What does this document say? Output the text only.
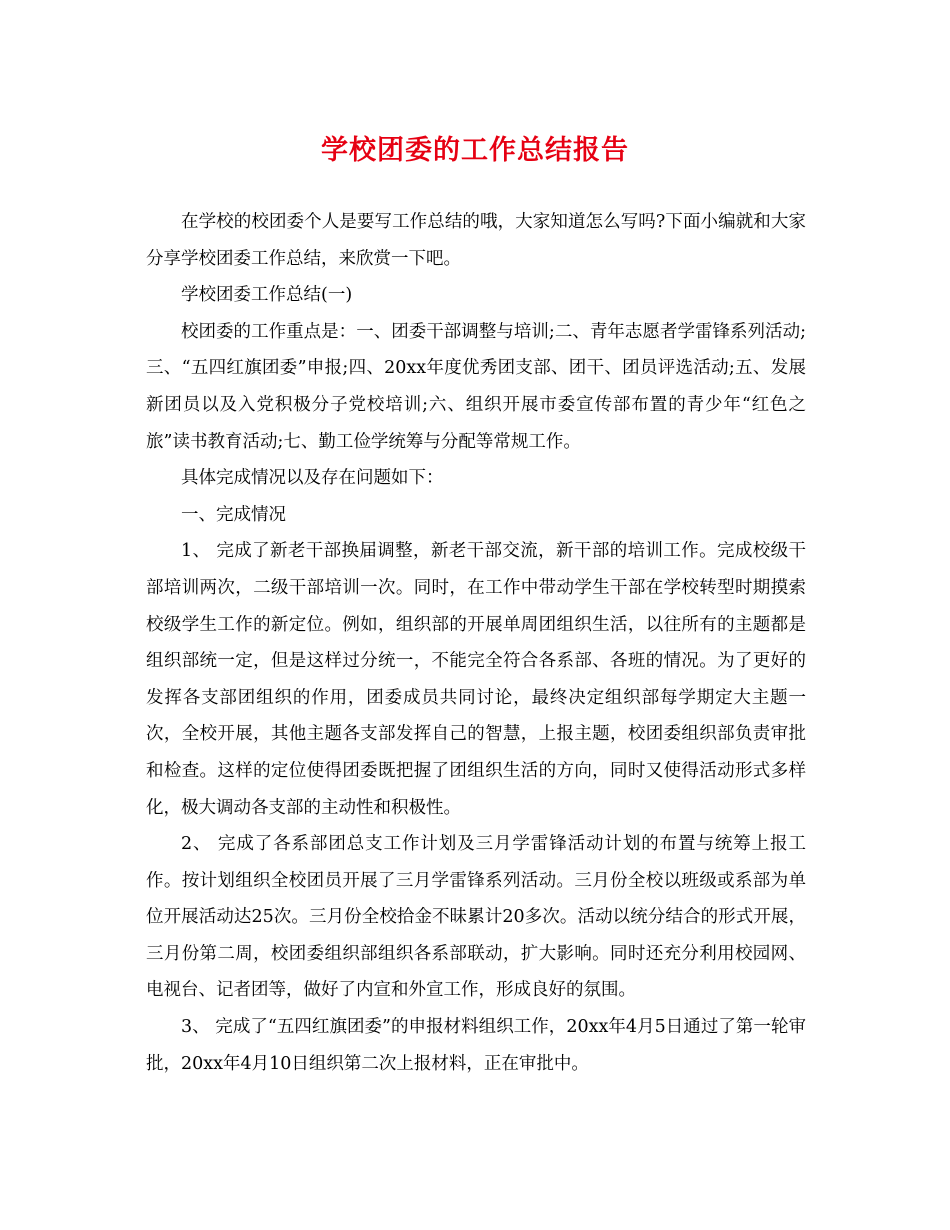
学校团委的工作总结报告

在学校的校团委个人是要写工作总结的哦，大家知道怎么写吗?下面小编就和大家分享学校团委工作总结，来欣赏一下吧。

学校团委工作总结(一)

校团委的工作重点是：一、团委干部调整与培训;二、青年志愿者学雷锋系列活动;三、“五四红旗团委”申报;四、20xx年度优秀团支部、团干、团员评选活动;五、发展新团员以及入党积极分子党校培训;六、组织开展市委宣传部布置的青少年“红色之旅”读书教育活动;七、勤工俭学统筹与分配等常规工作。

具体完成情况以及存在问题如下：

一、完成情况

1、 完成了新老干部换届调整，新老干部交流，新干部的培训工作。完成校级干部培训两次，二级干部培训一次。同时，在工作中带动学生干部在学校转型时期摸索校级学生工作的新定位。例如，组织部的开展单周团组织生活，以往所有的主题都是组织部统一定，但是这样过分统一，不能完全符合各系部、各班的情况。为了更好的发挥各支部团组织的作用，团委成员共同讨论，最终决定组织部每学期定大主题一次，全校开展，其他主题各支部发挥自己的智慧，上报主题，校团委组织部负责审批和检查。这样的定位使得团委既把握了团组织生活的方向，同时又使得活动形式多样化，极大调动各支部的主动性和积极性。

2、 完成了各系部团总支工作计划及三月学雷锋活动计划的布置与统筹上报工作。按计划组织全校团员开展了三月学雷锋系列活动。三月份全校以班级或系部为单位开展活动达25次。三月份全校拾金不昧累计20多次。活动以统分结合的形式开展，三月份第二周，校团委组织部组织各系部联动，扩大影响。同时还充分利用校园网、电视台、记者团等，做好了内宣和外宣工作，形成良好的氛围。

3、 完成了“五四红旗团委”的申报材料组织工作，20xx年4月5日通过了第一轮审批，20xx年4月10日组织第二次上报材料，正在审批中。
